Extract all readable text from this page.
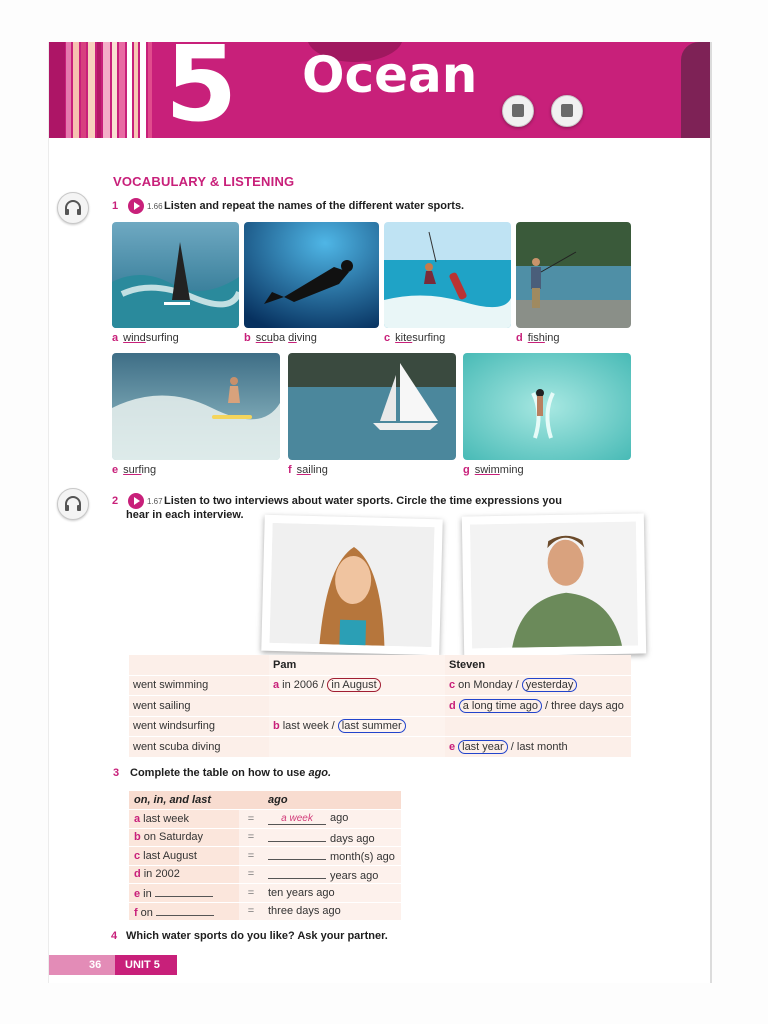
5 Ocean
VOCABULARY & LISTENING
1	1.66 Listen and repeat the names of the different water sports.
a windsurfing	b scuba diving	c kitesurfing	d fishing
e surfing	f sailing	g swimming
2	1.67 Listen to two interviews about water sports. Circle the time expressions you
hear in each interview.
	Pam	Steven
went swimming	a in 2006 / in August	c on Monday / yesterday
went sailing		d a long time ago / three days ago
went windsurfing	b last week / last summer	
went scuba diving		e last year / last month
3 Complete the table on how to use ago.
on, in, and last		ago
a last week	=	a week ago
b on Saturday	=	days ago
c last August	=	month(s) ago
d in 2002	=	years ago
e in	=	ten years ago
f on	=	three days ago
4 Which water sports do you like? Ask your partner.
36 UNIT 5
